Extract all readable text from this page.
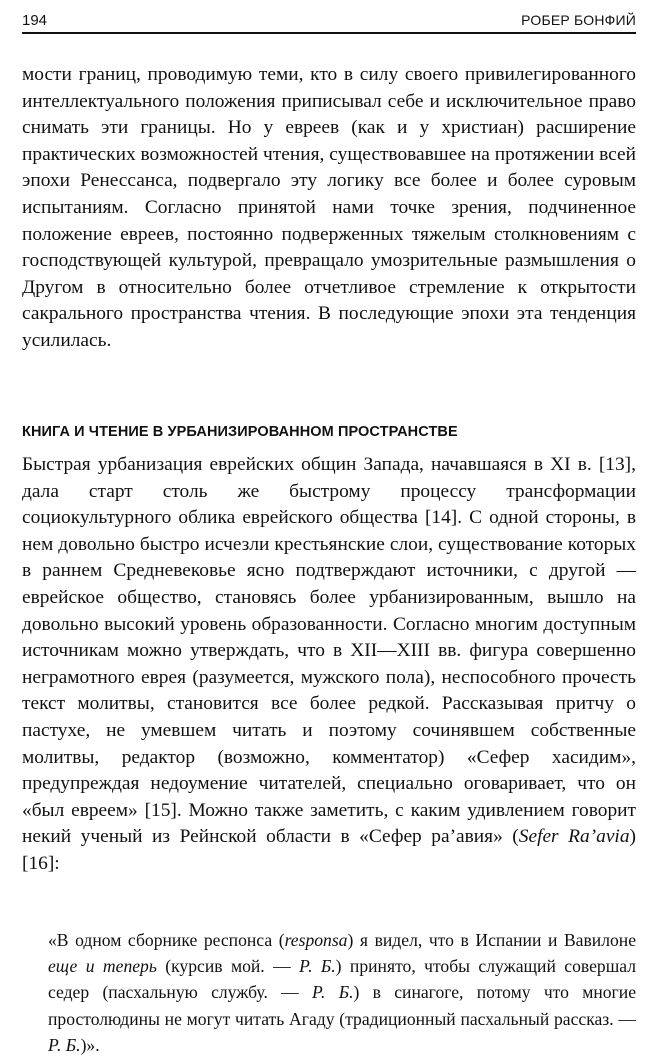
194	РОБЕР БОНФИЙ

мости границ, проводимую теми, кто в силу своего привилегированного интеллектуального положения приписывал себе и исключительное право снимать эти границы. Но у евреев (как и у христиан) расширение практических возможностей чтения, существовавшее на протяжении всей эпохи Ренессанса, подвергало эту логику все более и более суровым испытаниям. Согласно принятой нами точке зрения, подчиненное положение евреев, постоянно подверженных тяжелым столкновениям с господствующей культурой, превращало умозрительные размышления о Другом в относительно более отчетливое стремление к открытости сакрального пространства чтения. В последующие эпохи эта тенденция усилилась.

КНИГА И ЧТЕНИЕ В УРБАНИЗИРОВАННОМ ПРОСТРАНСТВЕ

Быстрая урбанизация еврейских общин Запада, начавшаяся в XI в. [13], дала старт столь же быстрому процессу трансформации социокультурного облика еврейского общества [14]. С одной стороны, в нем довольно быстро исчезли крестьянские слои, существование которых в раннем Средневековье ясно подтверждают источники, с другой — еврейское общество, становясь более урбанизированным, вышло на довольно высокий уровень образованности. Согласно многим доступным источникам можно утверждать, что в XII—XIII вв. фигура совершенно неграмотного еврея (разумеется, мужского пола), неспособного прочесть текст молитвы, становится все более редкой. Рассказывая притчу о пастухе, не умевшем читать и поэтому сочинявшем собственные молитвы, редактор (возможно, комментатор) «Сефер хасидим», предупреждая недоумение читателей, специально оговаривает, что он «был евреем» [15]. Можно также заметить, с каким удивлением говорит некий ученый из Рейнской области в «Сефер ра’авия» (Sefer Ra’avia) [16]:

«В одном сборнике респонса (responsa) я видел, что в Испании и Вавилоне еще и теперь (курсив мой. — Р. Б.) принято, чтобы служащий совершал седер (пасхальную службу. — Р. Б.) в синагоге, потому что многие простолюдины не могут читать Агаду (традиционный пасхальный рассказ. — Р. Б.)».
